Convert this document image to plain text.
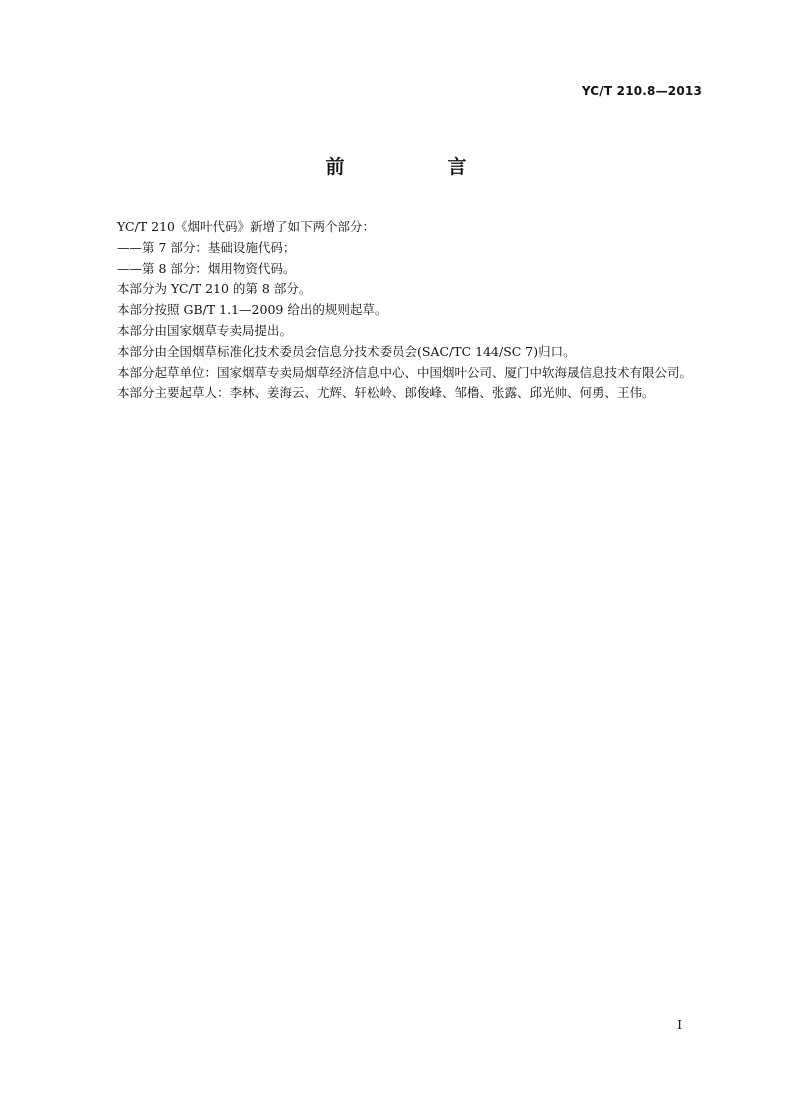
YC/T 210.8—2013
前　言

YC/T 210《烟叶代码》新增了如下两个部分：

——第 7 部分：基础设施代码；

——第 8 部分：烟用物资代码。

本部分为 YC/T 210 的第 8 部分。

本部分按照 GB/T 1.1—2009 给出的规则起草。

本部分由国家烟草专卖局提出。

本部分由全国烟草标准化技术委员会信息分技术委员会(SAC/TC 144/SC 7)归口。

本部分起草单位：国家烟草专卖局烟草经济信息中心、中国烟叶公司、厦门中软海晟信息技术有限公司。

本部分主要起草人：李林、姜海云、尤辉、轩松岭、郎俊峰、邹橹、张露、邱光帅、何勇、王伟。

I
